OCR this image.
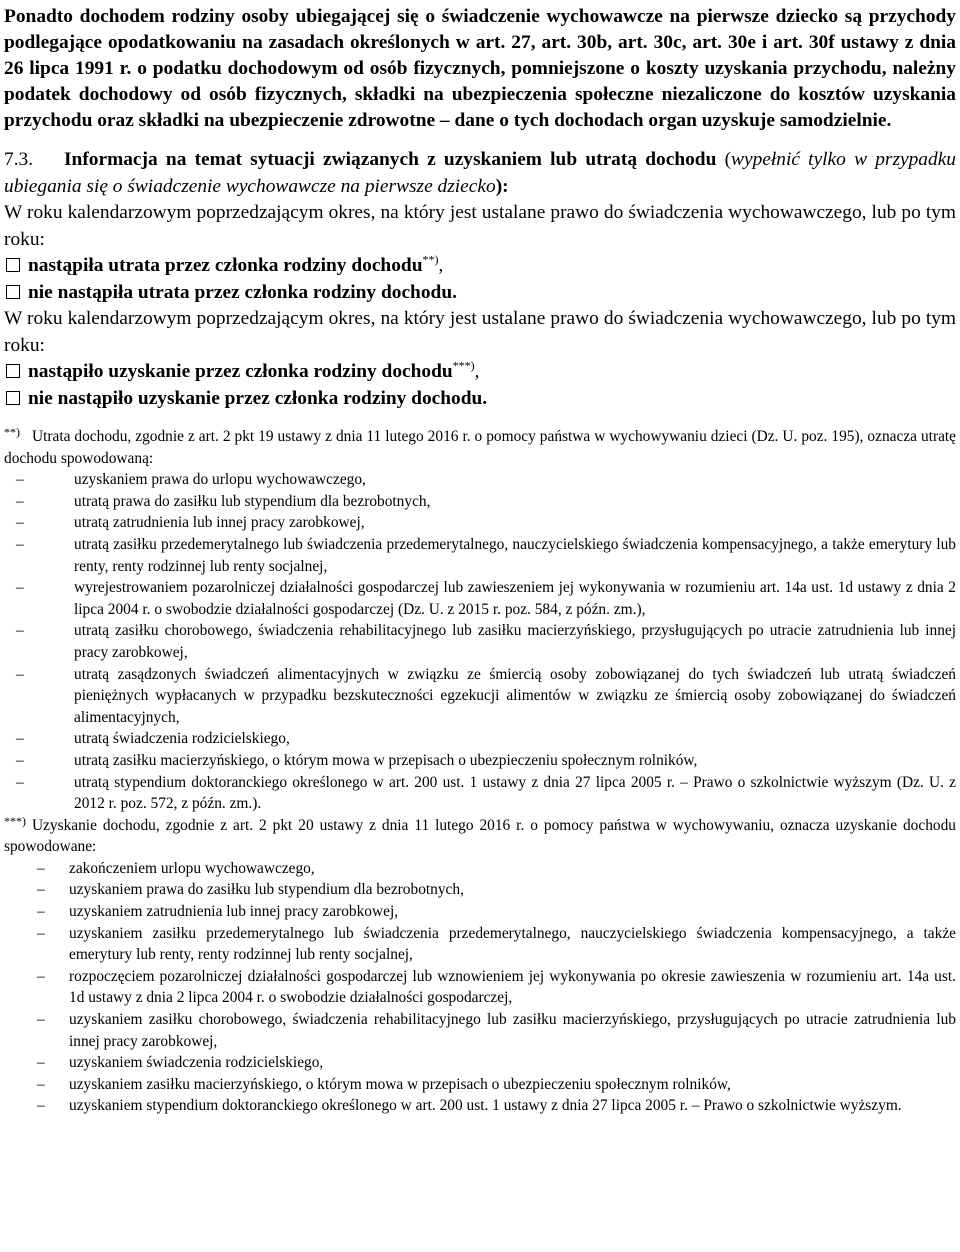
Ponadto dochodem rodziny osoby ubiegającej się o świadczenie wychowawcze na pierwsze dziecko są przychody podlegające opodatkowaniu na zasadach określonych w art. 27, art. 30b, art. 30c, art. 30e i art. 30f ustawy z dnia 26 lipca 1991 r. o podatku dochodowym od osób fizycznych, pomniejszone o koszty uzyskania przychodu, należny podatek dochodowy od osób fizycznych, składki na ubezpieczenia społeczne niezaliczone do kosztów uzyskania przychodu oraz składki na ubezpieczenie zdrowotne – dane o tych dochodach organ uzyskuje samodzielnie.

7.3. Informacja na temat sytuacji związanych z uzyskaniem lub utratą dochodu (wypełnić tylko w przypadku ubiegania się o świadczenie wychowawcze na pierwsze dziecko):

W roku kalendarzowym poprzedzającym okres, na który jest ustalane prawo do świadczenia wychowawczego, lub po tym roku:

nastąpiła utrata przez członka rodziny dochodu**),

nie nastąpiła utrata przez członka rodziny dochodu.

W roku kalendarzowym poprzedzającym okres, na który jest ustalane prawo do świadczenia wychowawczego, lub po tym roku:

nastąpiło uzyskanie przez członka rodziny dochodu***),

nie nastąpiło uzyskanie przez członka rodziny dochodu.

**) Utrata dochodu, zgodnie z art. 2 pkt 19 ustawy z dnia 11 lutego 2016 r. o pomocy państwa w wychowywaniu dzieci (Dz. U. poz. 195), oznacza utratę dochodu spowodowaną:

–	uzyskaniem prawa do urlopu wychowawczego,
–	utratą prawa do zasiłku lub stypendium dla bezrobotnych,
–	utratą zatrudnienia lub innej pracy zarobkowej,
–	utratą zasiłku przedemerytalnego lub świadczenia przedemerytalnego, nauczycielskiego świadczenia kompensacyjnego, a także emerytury lub renty, renty rodzinnej lub renty socjalnej,
–	wyrejestrowaniem pozarolniczej działalności gospodarczej lub zawieszeniem jej wykonywania w rozumieniu art. 14a ust. 1d ustawy z dnia 2 lipca 2004 r. o swobodzie działalności gospodarczej (Dz. U. z 2015 r. poz. 584, z późn. zm.),
–	utratą zasiłku chorobowego, świadczenia rehabilitacyjnego lub zasiłku macierzyńskiego, przysługujących po utracie zatrudnienia lub innej pracy zarobkowej,
–	utratą zasądzonych świadczeń alimentacyjnych w związku ze śmiercią osoby zobowiązanej do tych świadczeń lub utratą świadczeń pieniężnych wypłacanych w przypadku bezskuteczności egzekucji alimentów w związku ze śmiercią osoby zobowiązanej do świadczeń alimentacyjnych,
–	utratą świadczenia rodzicielskiego,
–	utratą zasiłku macierzyńskiego, o którym mowa w przepisach o ubezpieczeniu społecznym rolników,
–	utratą stypendium doktoranckiego określonego w art. 200 ust. 1 ustawy z dnia 27 lipca 2005 r. – Prawo o szkolnictwie wyższym (Dz. U. z 2012 r. poz. 572, z późn. zm.).

***) Uzyskanie dochodu, zgodnie z art. 2 pkt 20 ustawy z dnia 11 lutego 2016 r. o pomocy państwa w wychowywaniu, oznacza uzyskanie dochodu spowodowane:

–	zakończeniem urlopu wychowawczego,
–	uzyskaniem prawa do zasiłku lub stypendium dla bezrobotnych,
–	uzyskaniem zatrudnienia lub innej pracy zarobkowej,
–	uzyskaniem zasiłku przedemerytalnego lub świadczenia przedemerytalnego, nauczycielskiego świadczenia kompensacyjnego, a także emerytury lub renty, renty rodzinnej lub renty socjalnej,
–	rozpoczęciem pozarolniczej działalności gospodarczej lub wznowieniem jej wykonywania po okresie zawieszenia w rozumieniu art. 14a ust. 1d ustawy z dnia 2 lipca 2004 r. o swobodzie działalności gospodarczej,
–	uzyskaniem zasiłku chorobowego, świadczenia rehabilitacyjnego lub zasiłku macierzyńskiego, przysługujących po utracie zatrudnienia lub innej pracy zarobkowej,
–	uzyskaniem świadczenia rodzicielskiego,
–	uzyskaniem zasiłku macierzyńskiego, o którym mowa w przepisach o ubezpieczeniu społecznym rolników,
–	uzyskaniem stypendium doktoranckiego określonego w art. 200 ust. 1 ustawy z dnia 27 lipca 2005 r. – Prawo o szkolnictwie wyższym.
